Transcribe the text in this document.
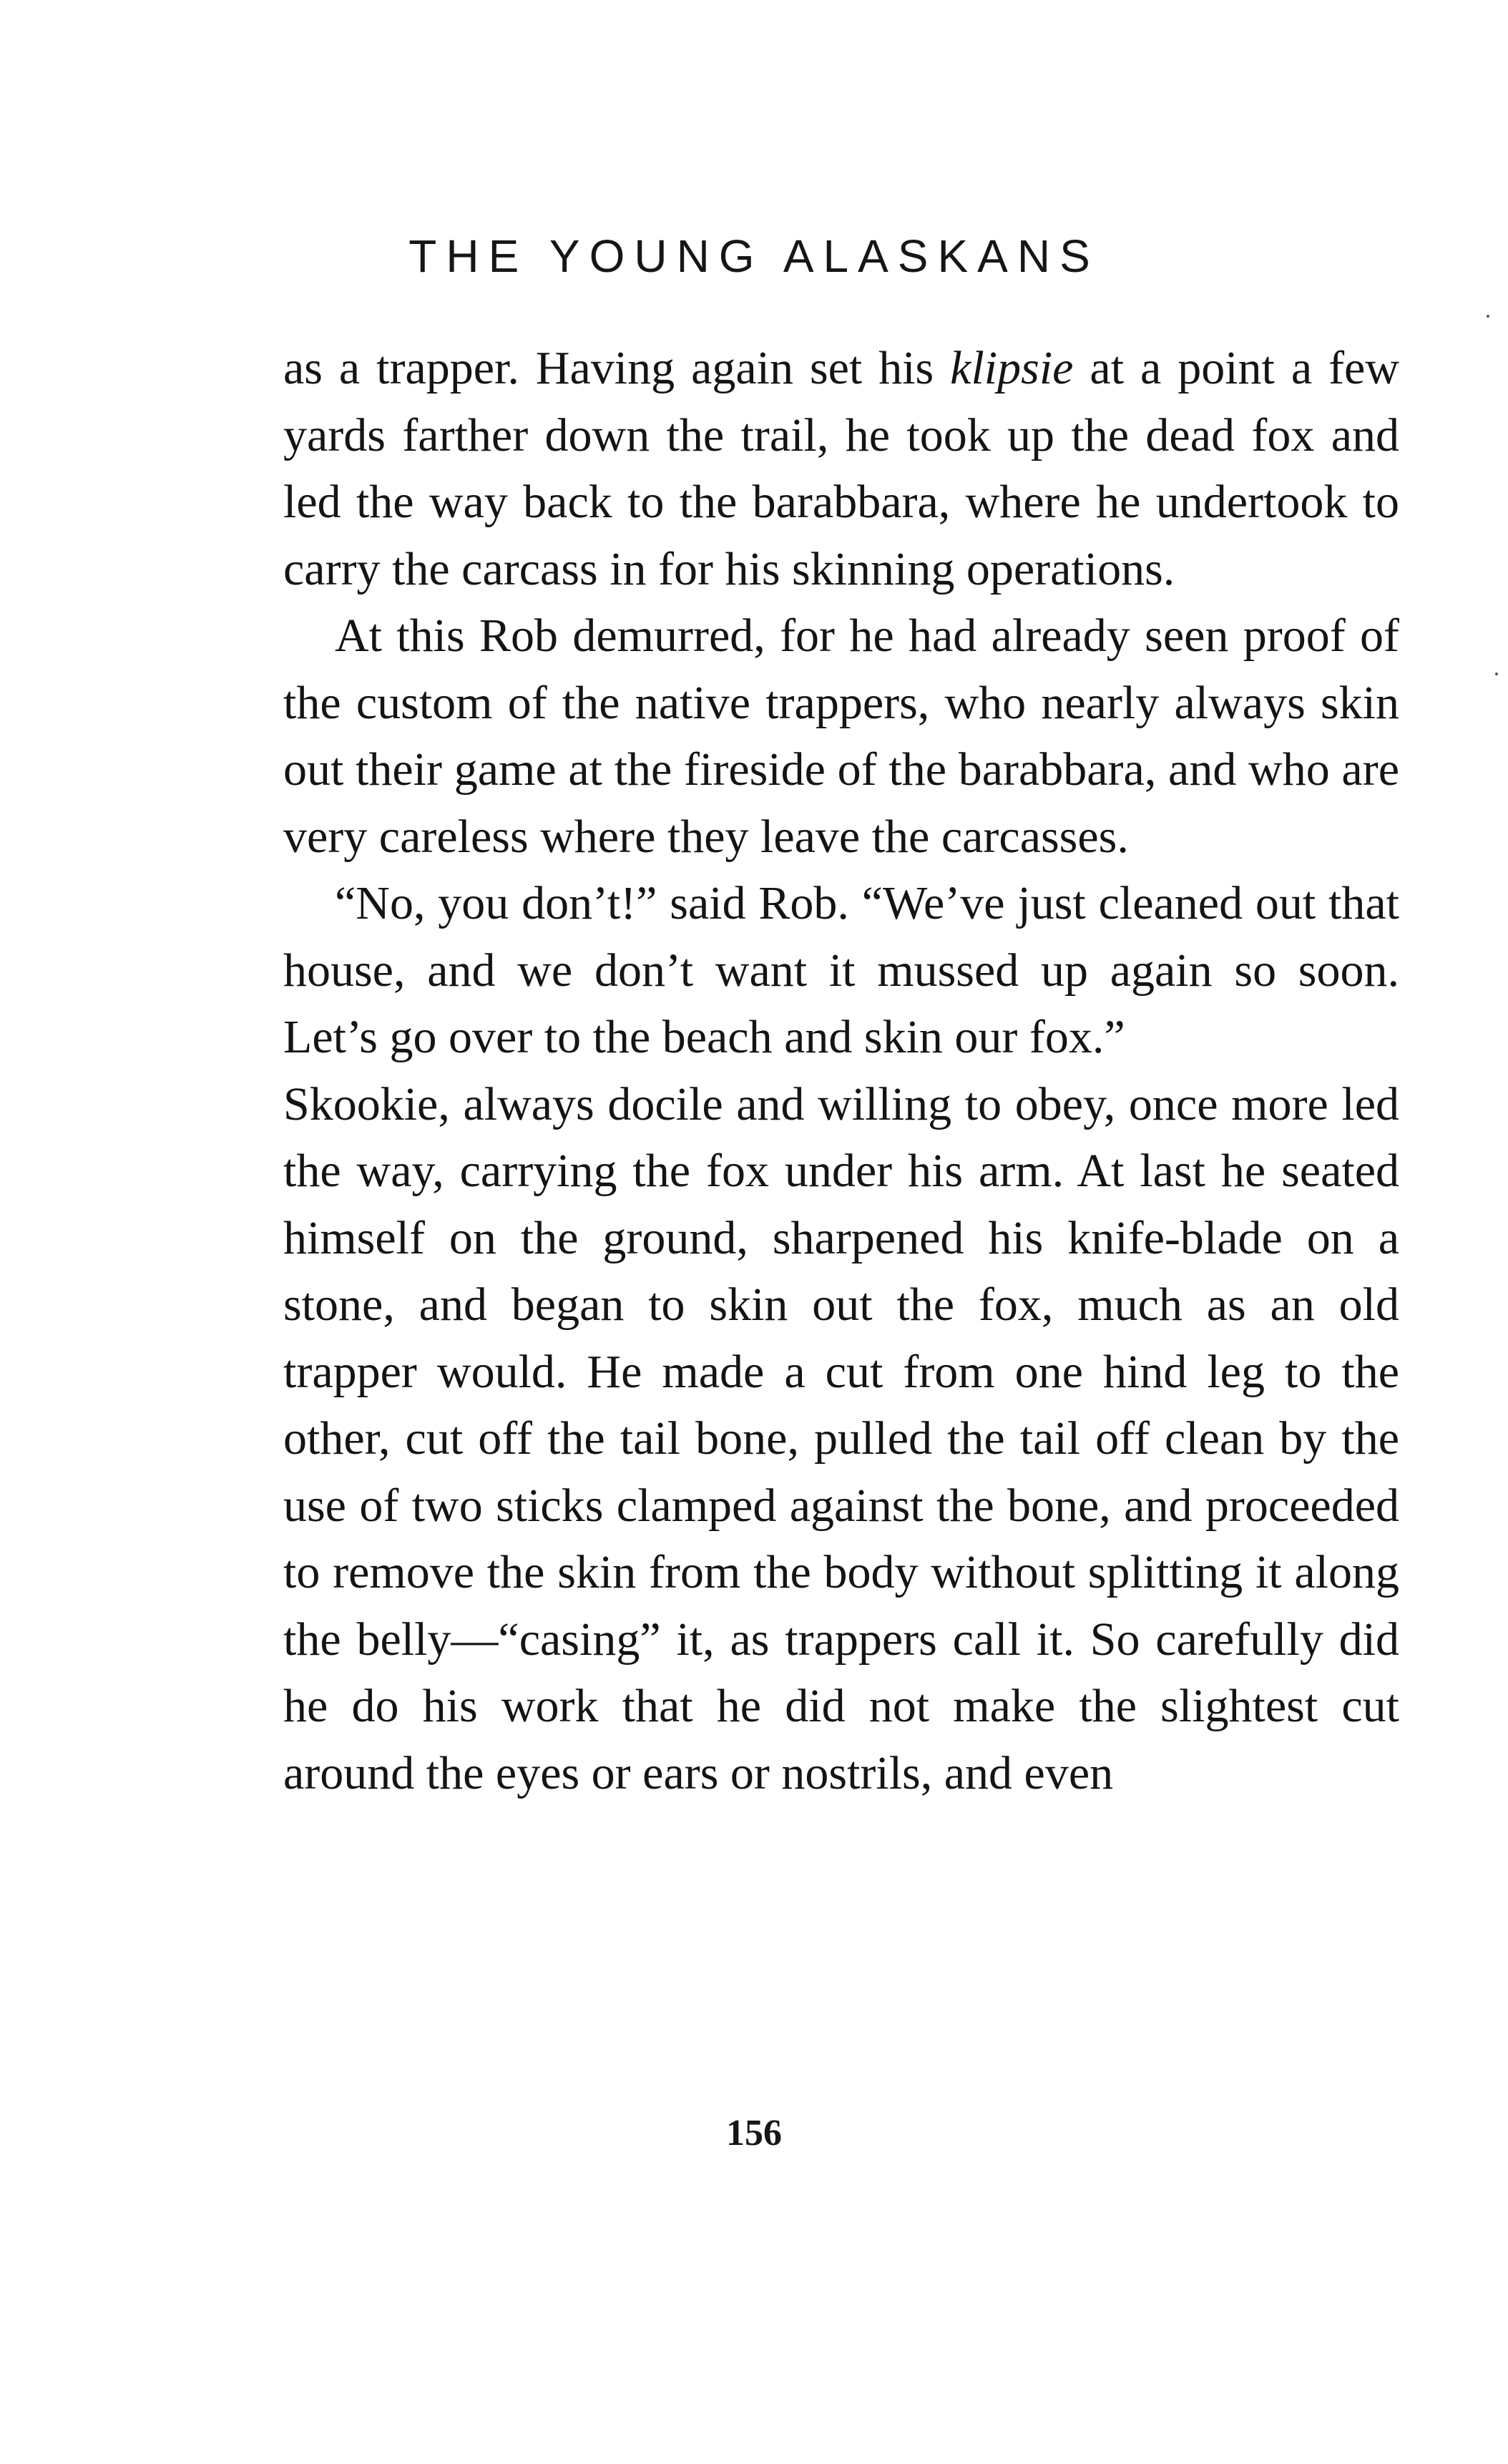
THE YOUNG ALASKANS

as a trapper. Having again set his klipsie at a point a few yards farther down the trail, he took up the dead fox and led the way back to the barabbara, where he undertook to carry the carcass in for his skinning operations.

At this Rob demurred, for he had already seen proof of the custom of the native trappers, who nearly always skin out their game at the fireside of the barabbara, and who are very careless where they leave the carcasses.

“No, you don’t!” said Rob. “We’ve just cleaned out that house, and we don’t want it mussed up again so soon. Let’s go over to the beach and skin our fox.”

Skookie, always docile and willing to obey, once more led the way, carrying the fox under his arm. At last he seated himself on the ground, sharpened his knife-blade on a stone, and began to skin out the fox, much as an old trapper would. He made a cut from one hind leg to the other, cut off the tail bone, pulled the tail off clean by the use of two sticks clamped against the bone, and proceeded to remove the skin from the body without splitting it along the belly—“casing” it, as trappers call it. So carefully did he do his work that he did not make the slightest cut around the eyes or ears or nostrils, and even

156
